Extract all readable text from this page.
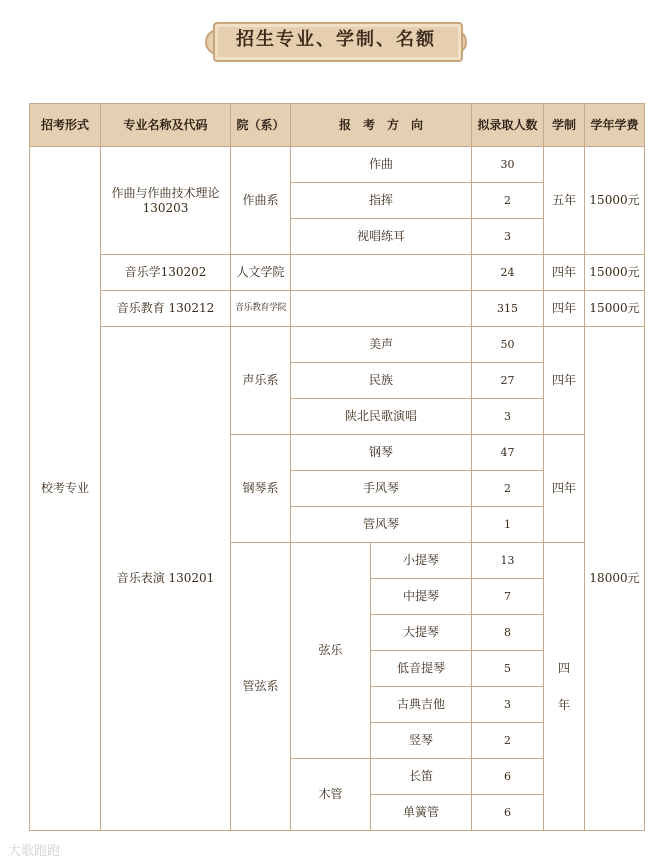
招生专业、学制、名额
招考形式	专业名称及代码	院（系）	报　考　方　向		拟录取人数	学制	学年学费
校考专业	作曲与作曲技术理论 130203	作曲系	作曲		30	五年	15000元
			指挥		2		
			视唱练耳		3		
	音乐学130202	人文学院			24	四年	15000元
	音乐教育 130212	音乐教育学院			315	四年	15000元
	音乐表演 130201	声乐系	美声		50	四年	18000元
			民族		27		
			陕北民歌演唱		3		
		钢琴系	钢琴		47	四年	
			手风琴		2		
			管风琴		1		
		管弦系	弦乐	小提琴	13	四
年	

				中提琴	7		
				大提琴	8		
				低音提琴	5		
				古典吉他	3		
				竖琴	2		
			木管	长笛	6		
				单簧管	6		
大歌跑跑
